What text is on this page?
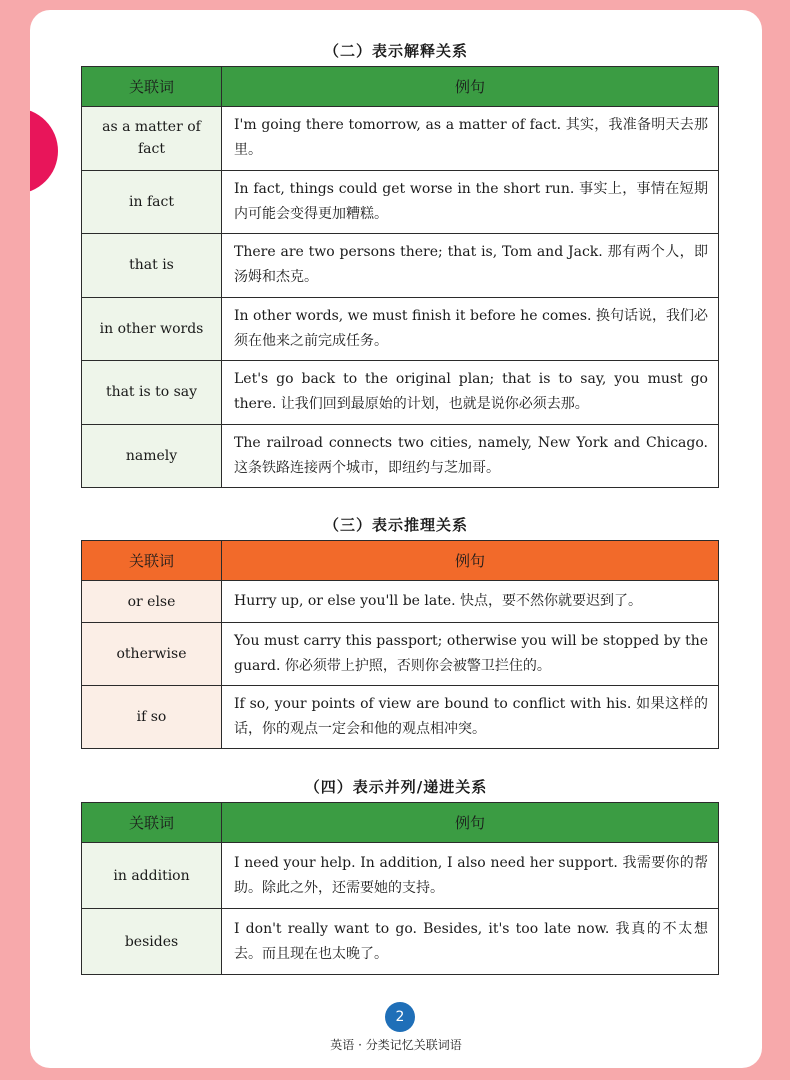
（二）表示解释关系
关联词	例句
as a matter of fact	I'm going there tomorrow, as a matter of fact. 其实，我准备明天去那里。
in fact	In fact, things could get worse in the short run. 事实上，事情在短期内可能会变得更加糟糕。
that is	There are two persons there; that is, Tom and Jack. 那有两个人，即汤姆和杰克。
in other words	In other words, we must finish it before he comes. 换句话说，我们必须在他来之前完成任务。
that is to say	Let's go back to the original plan; that is to say, you must go there. 让我们回到最原始的计划，也就是说你必须去那。
namely	The railroad connects two cities, namely, New York and Chicago. 这条铁路连接两个城市，即纽约与芝加哥。
（三）表示推理关系
关联词	例句
or else	Hurry up, or else you'll be late. 快点，要不然你就要迟到了。
otherwise	You must carry this passport; otherwise you will be stopped by the guard. 你必须带上护照，否则你会被警卫拦住的。
if so	If so, your points of view are bound to conflict with his. 如果这样的话，你的观点一定会和他的观点相冲突。
（四）表示并列/递进关系
关联词	例句
in addition	I need your help. In addition, I also need her support. 我需要你的帮助。除此之外，还需要她的支持。
besides	I don't really want to go. Besides, it's too late now. 我真的不太想去。而且现在也太晚了。
2
英语 · 分类记忆关联词语
